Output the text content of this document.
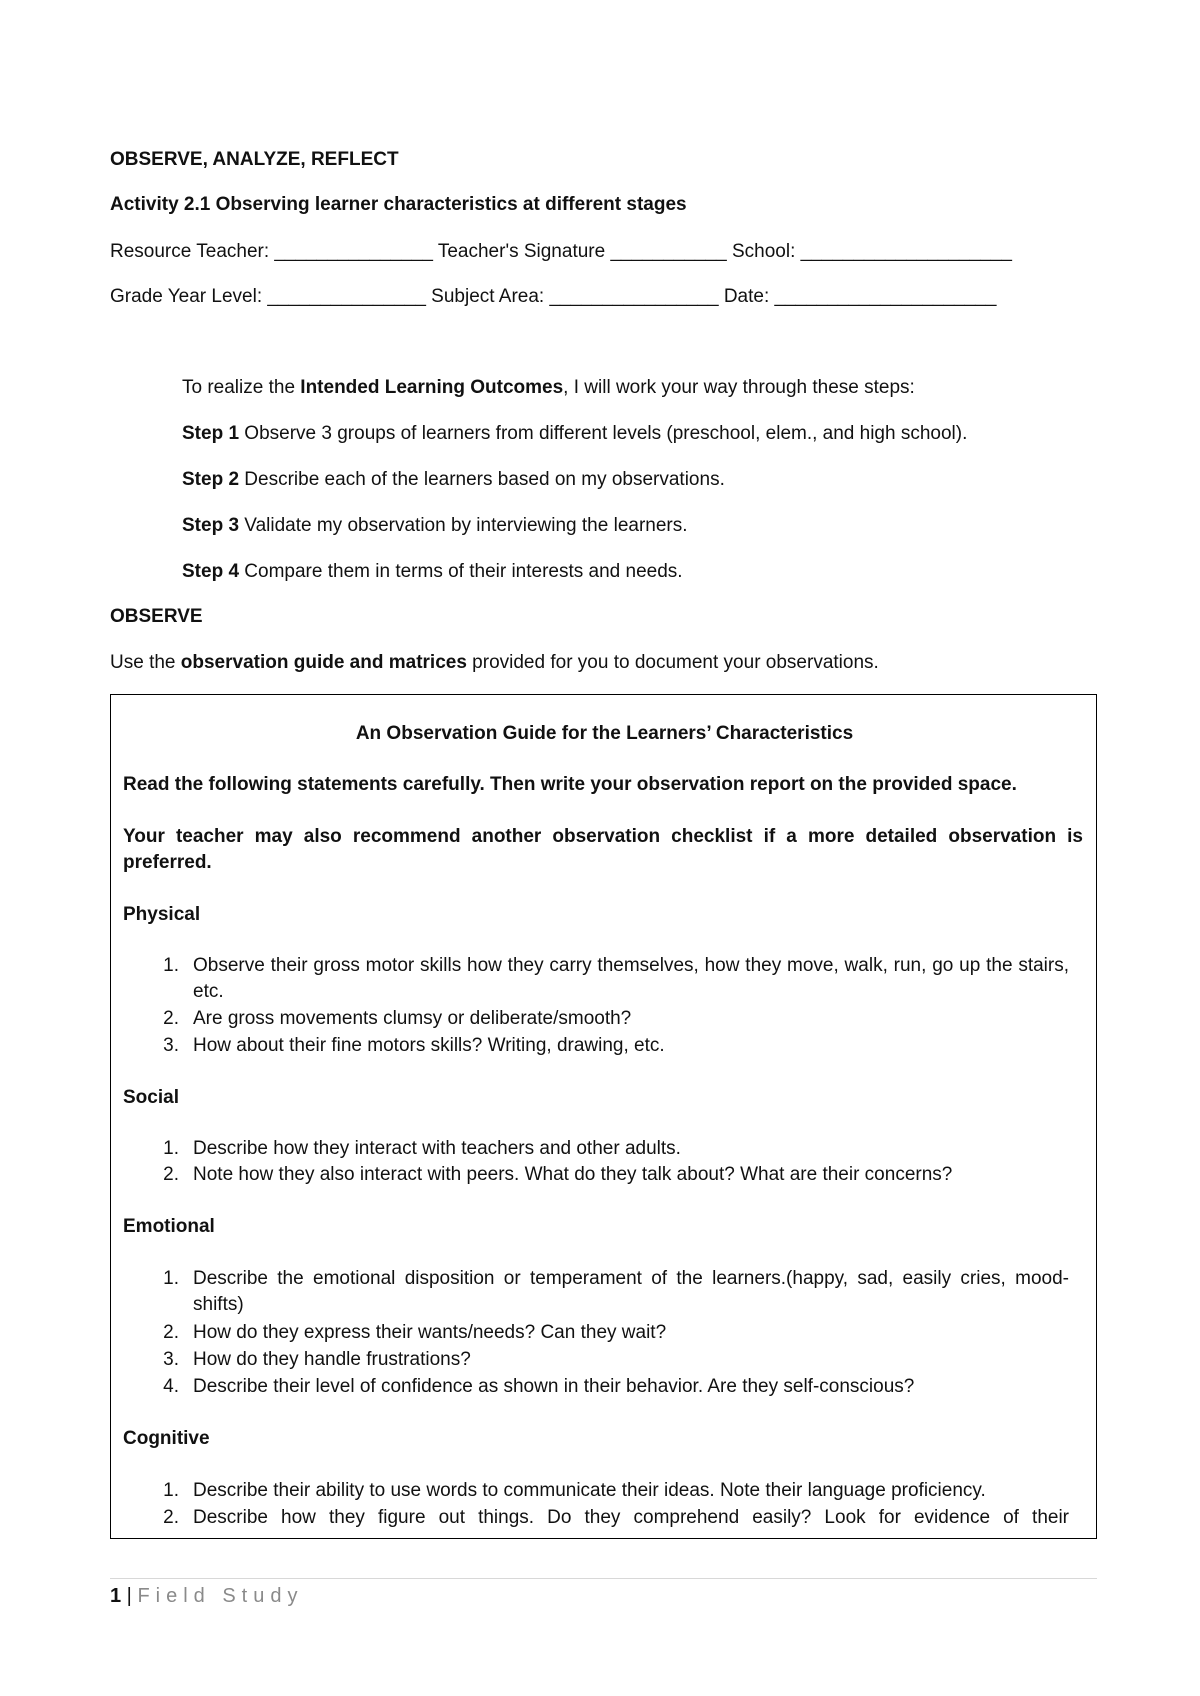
OBSERVE, ANALYZE, REFLECT
Activity 2.1 Observing learner characteristics at different stages
Resource Teacher: _______________ Teacher's Signature ___________ School: ____________________
Grade Year Level: _______________ Subject Area: ________________ Date: _____________________
To realize the Intended Learning Outcomes, I will work your way through these steps:
Step 1 Observe 3 groups of learners from different levels (preschool, elem., and high school).
Step 2 Describe each of the learners based on my observations.
Step 3 Validate my observation by interviewing the learners.
Step 4 Compare them in terms of their interests and needs.
OBSERVE
Use the observation guide and matrices provided for you to document your observations.
An Observation Guide for the Learners’ Characteristics
Read the following statements carefully. Then write your observation report on the provided space.
Your teacher may also recommend another observation checklist if a more detailed observation is preferred.
Physical
1. Observe their gross motor skills how they carry themselves, how they move, walk, run, go up the stairs, etc.
2. Are gross movements clumsy or deliberate/smooth?
3. How about their fine motors skills? Writing, drawing, etc.
Social
1. Describe how they interact with teachers and other adults.
2. Note how they also interact with peers. What do they talk about? What are their concerns?
Emotional
1. Describe the emotional disposition or temperament of the learners.(happy, sad, easily cries, mood- shifts)
2. How do they express their wants/needs? Can they wait?
3. How do they handle frustrations?
4. Describe their level of confidence as shown in their behavior. Are they self-conscious?
Cognitive
1. Describe their ability to use words to communicate their ideas. Note their language proficiency.
2. Describe how they figure out things. Do they comprehend easily? Look for evidence of their
1 | Field Study
